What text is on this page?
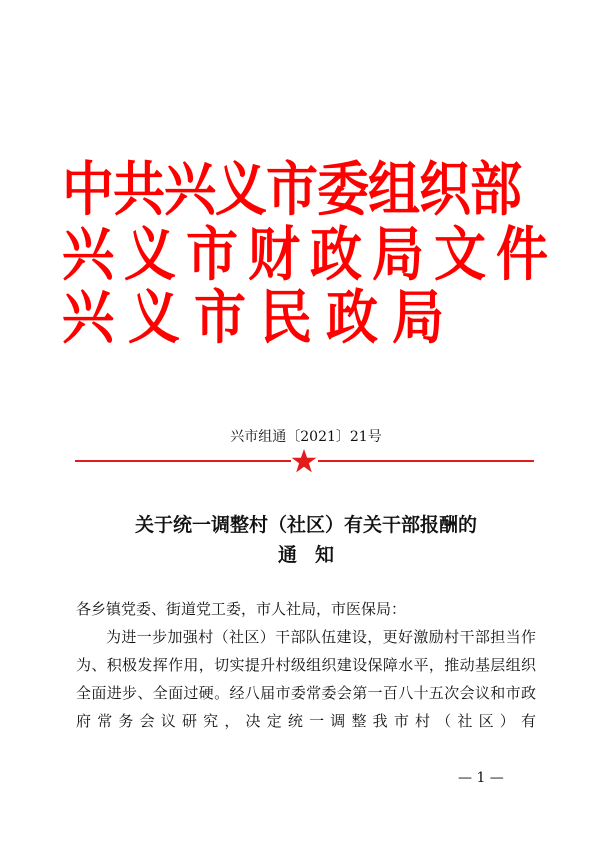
中共兴义市委组织部
兴义市财政局文件
兴义市民政局
兴市组通〔2021〕21号
关于统一调整村（社区）有关干部报酬的
通知
各乡镇党委、街道党工委，市人社局，市医保局：
为进一步加强村（社区）干部队伍建设，更好激励村干部担当作为、积极发挥作用，切实提升村级组织建设保障水平，推动基层组织全面进步、全面过硬。经八届市委常委会第一百八十五次会议和市政府常务会议研究，决定统一调整我市村（社区）有
— 1 —
